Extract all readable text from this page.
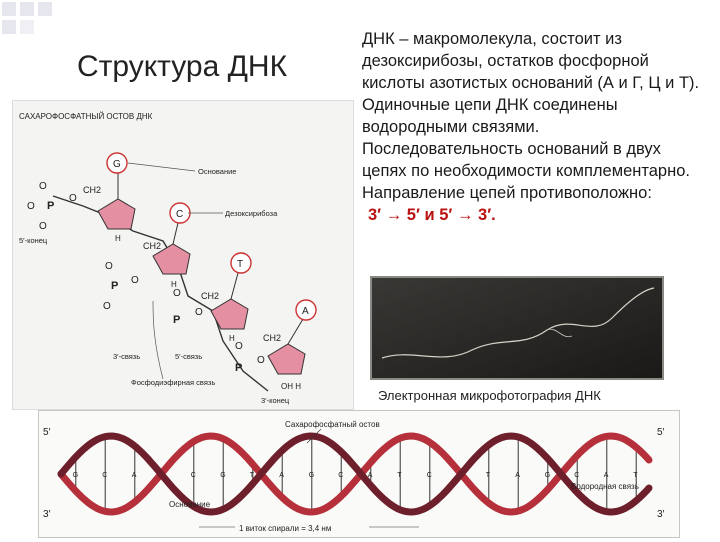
Структура ДНК
ДНК – макромолекула, состоит из дезоксирибозы, остатков фосфорной кислоты азотистых оснований (А и Г, Ц и Т). Одиночные цепи ДНК соединены водородными связями. Последовательность оснований в двух цепях по необходимости комплементарно. Направление цепей противоположно:
3′ → 5′ и 5′ → 3′.
САХАРОФОСФАТНЫЙ ОСТОВ ДНК
G
C
T
A
O
O P
O
CH2
O
O
P O
CH2
O
O
P
O
CH2
O
P
O
CH2
H
H
H
OH H
Основание
Дезоксирибоза
5′-конец
3′-конец
3′-связь	5′-связь
Фосфодиэфирная связь
Электронная микрофотография ДНК
G	C	A	C	G	T	A	G	C	A	T	C	T	A	G	C	A	T
Сахарофосфатный остов
Водородная связь
Основание
1 виток спирали = 3,4 нм
5′
3′
5′
3′
